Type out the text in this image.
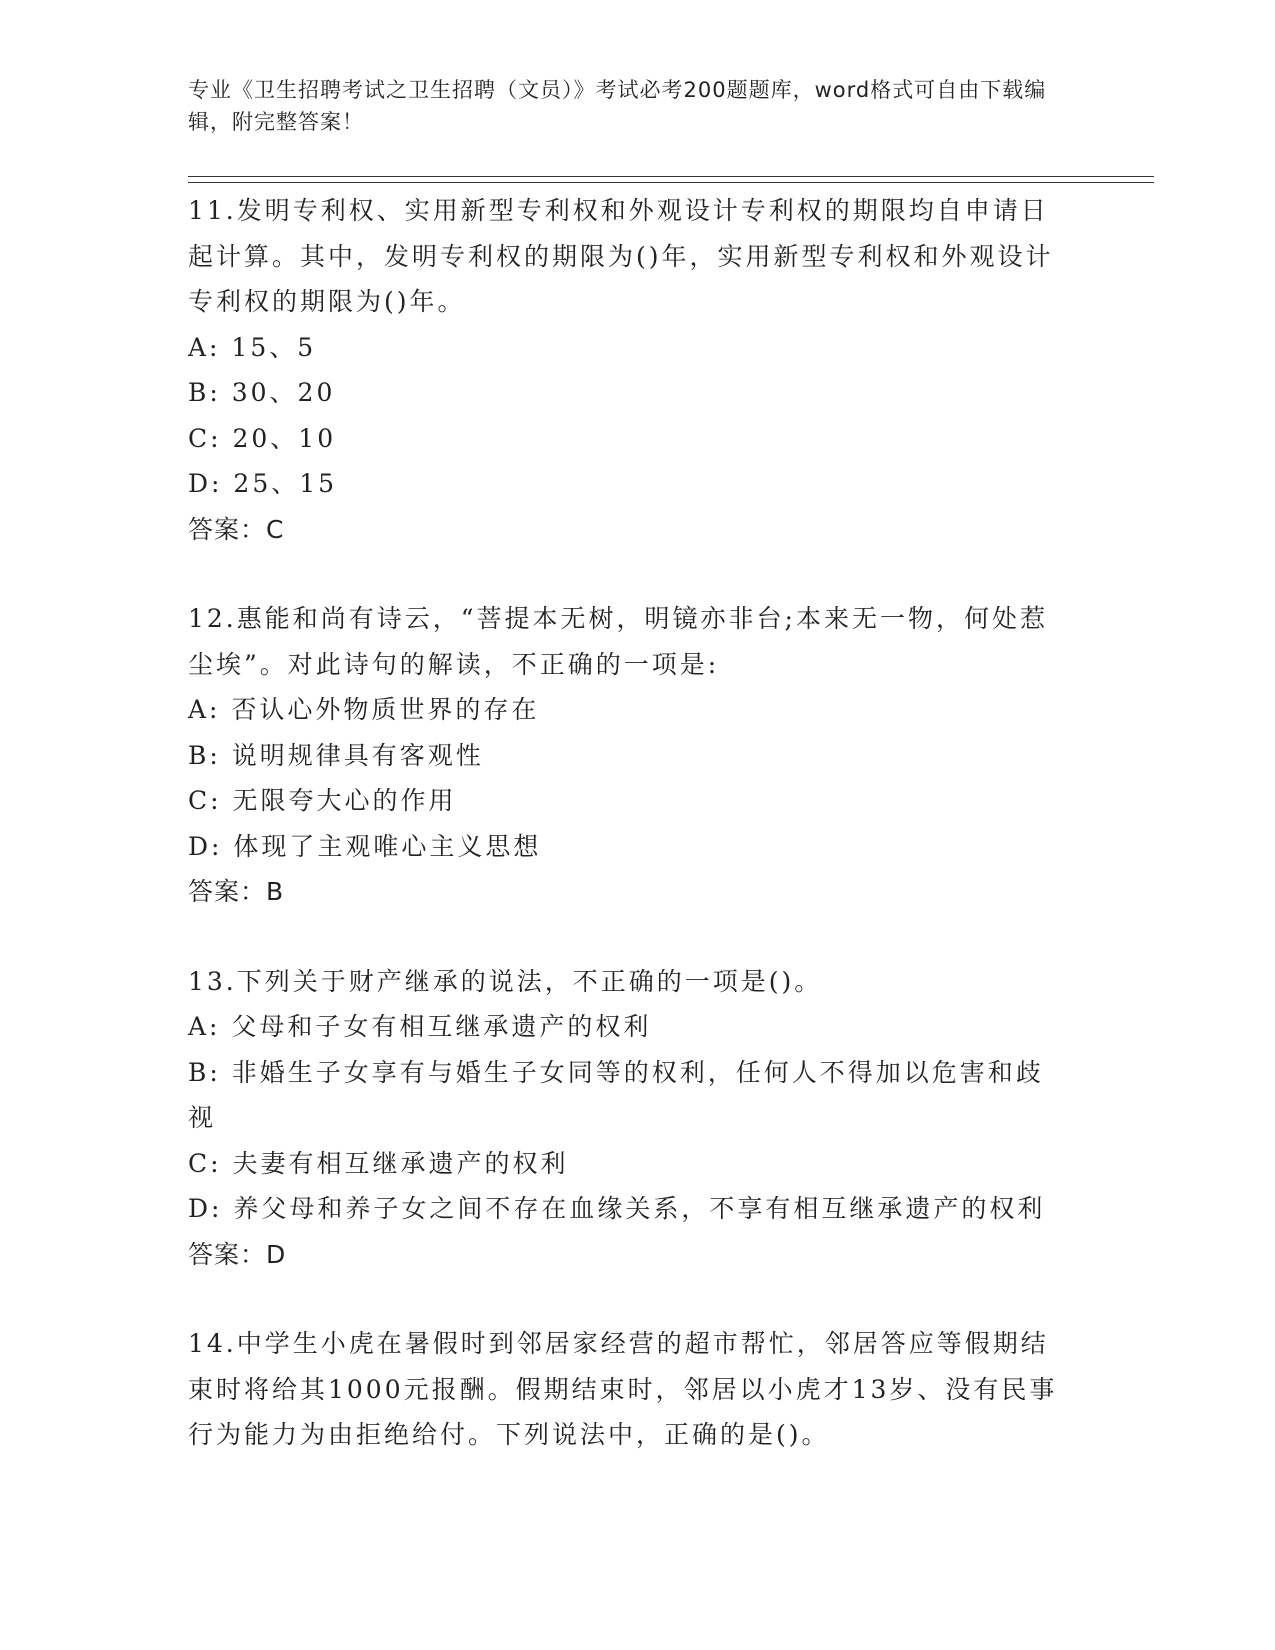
专业《卫生招聘考试之卫生招聘（文员）》考试必考200题题库，word格式可自由下载编辑，附完整答案！
11.发明专利权、实用新型专利权和外观设计专利权的期限均自申请日起计算。其中，发明专利权的期限为()年，实用新型专利权和外观设计专利权的期限为()年。
A: 15、5
B: 30、20
C: 20、10
D: 25、15
答案：C
12.惠能和尚有诗云，“菩提本无树，明镜亦非台;本来无一物，何处惹尘埃”。对此诗句的解读，不正确的一项是:
A: 否认心外物质世界的存在
B: 说明规律具有客观性
C: 无限夸大心的作用
D: 体现了主观唯心主义思想
答案：B
13.下列关于财产继承的说法，不正确的一项是()。
A: 父母和子女有相互继承遗产的权利
B: 非婚生子女享有与婚生子女同等的权利，任何人不得加以危害和歧视
C: 夫妻有相互继承遗产的权利
D: 养父母和养子女之间不存在血缘关系，不享有相互继承遗产的权利
答案：D
14.中学生小虎在暑假时到邻居家经营的超市帮忙，邻居答应等假期结束时将给其1000元报酬。假期结束时，邻居以小虎才13岁、没有民事行为能力为由拒绝给付。下列说法中，正确的是()。
